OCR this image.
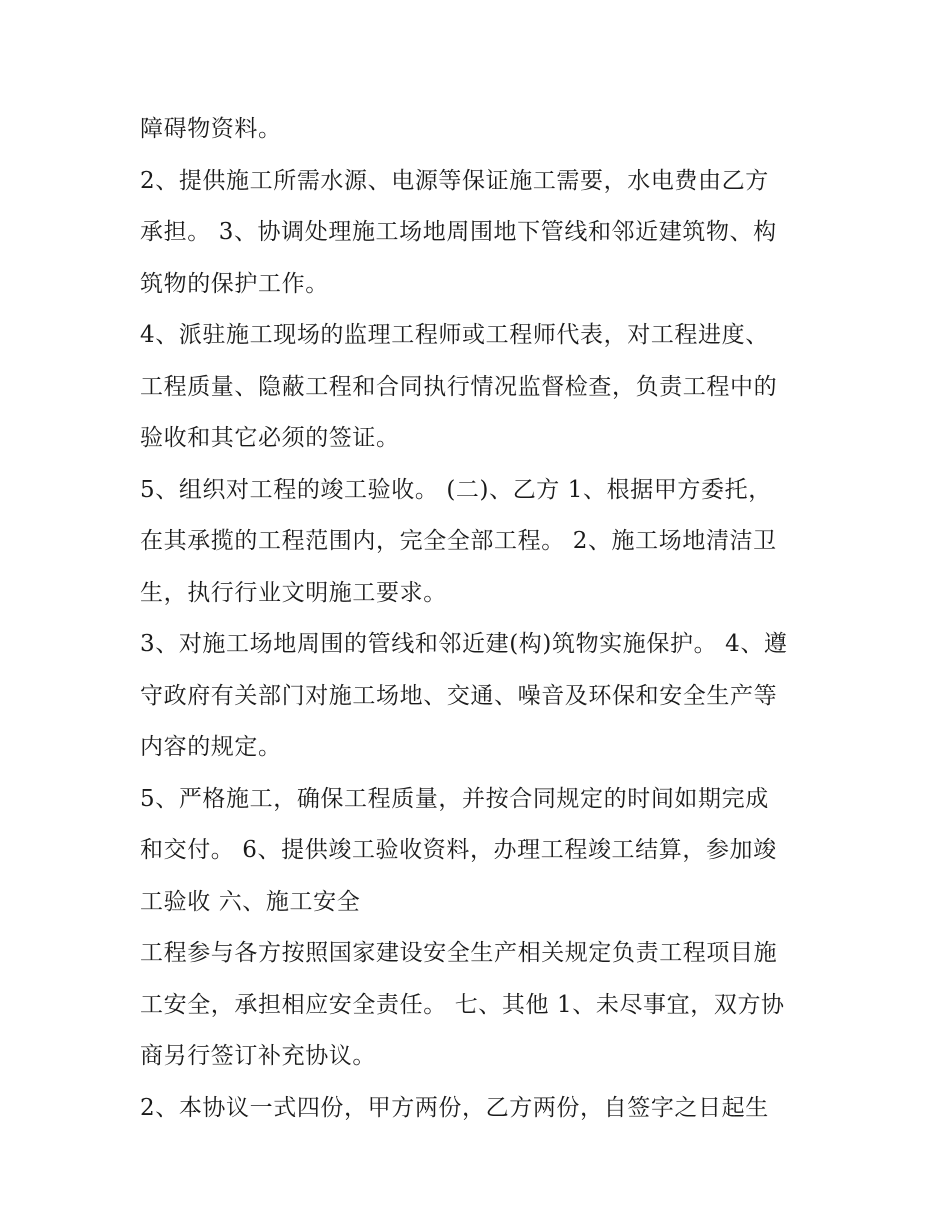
障碍物资料。
2、提供施工所需水源、电源等保证施工需要，水电费由乙方
承担。 3、协调处理施工场地周围地下管线和邻近建筑物、构
筑物的保护工作。
4、派驻施工现场的监理工程师或工程师代表，对工程进度、
工程质量、隐蔽工程和合同执行情况监督检查，负责工程中的
验收和其它必须的签证。
5、组织对工程的竣工验收。 (二)、乙方 1、根据甲方委托，
在其承揽的工程范围内，完全全部工程。 2、施工场地清洁卫
生，执行行业文明施工要求。
3、对施工场地周围的管线和邻近建(构)筑物实施保护。 4、遵
守政府有关部门对施工场地、交通、噪音及环保和安全生产等
内容的规定。
5、严格施工，确保工程质量，并按合同规定的时间如期完成
和交付。 6、提供竣工验收资料，办理工程竣工结算，参加竣
工验收 六、施工安全
工程参与各方按照国家建设安全生产相关规定负责工程项目施
工安全，承担相应安全责任。 七、其他 1、未尽事宜，双方协
商另行签订补充协议。
2、本协议一式四份，甲方两份，乙方两份，自签字之日起生
